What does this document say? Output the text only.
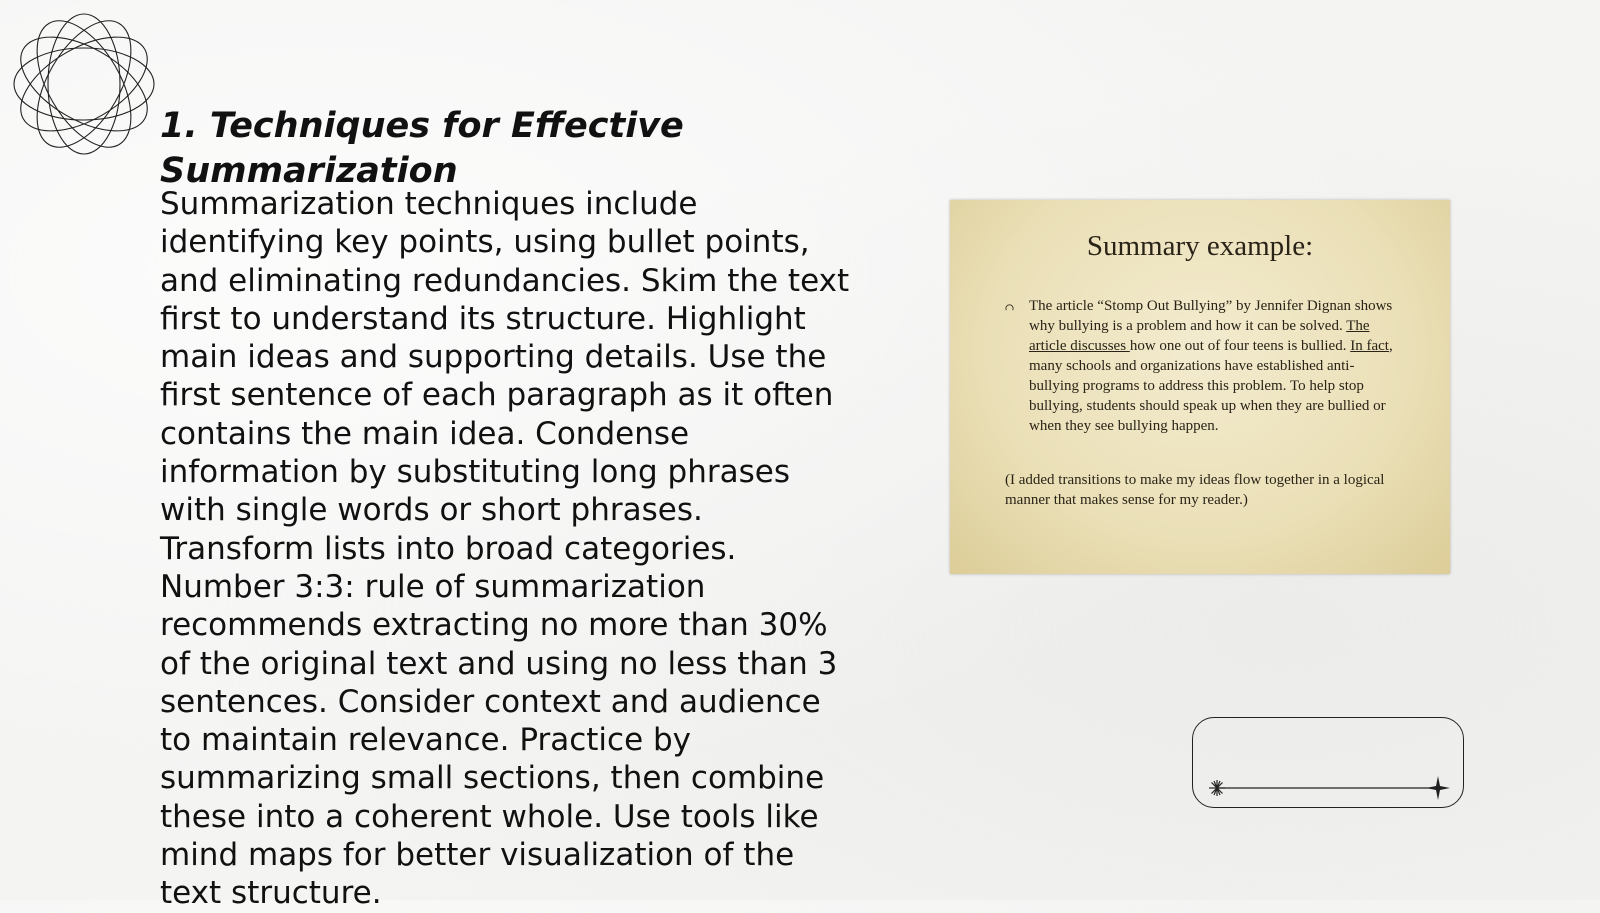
1. Techniques for Effective Summarization

Summarization techniques include identifying key points, using bullet points, and eliminating redundancies. Skim the text first to understand its structure. Highlight main ideas and supporting details. Use the first sentence of each paragraph as it often contains the main idea. Condense information by substituting long phrases with single words or short phrases. Transform lists into broad categories. Number 3:3: rule of summarization recommends extracting no more than 30% of the original text and using no less than 3 sentences. Consider context and audience to maintain relevance. Practice by summarizing small sections, then combine these into a coherent whole. Use tools like mind maps for better visualization of the text structure.

Summary example:

The article “Stomp Out Bullying” by Jennifer Dignan shows why bullying is a problem and how it can be solved. The article discusses how one out of four teens is bullied. In fact, many schools and organizations have established anti-bullying programs to address this problem. To help stop bullying, students should speak up when they are bullied or when they see bullying happen.

(I added transitions to make my ideas flow together in a logical manner that makes sense for my reader.)
